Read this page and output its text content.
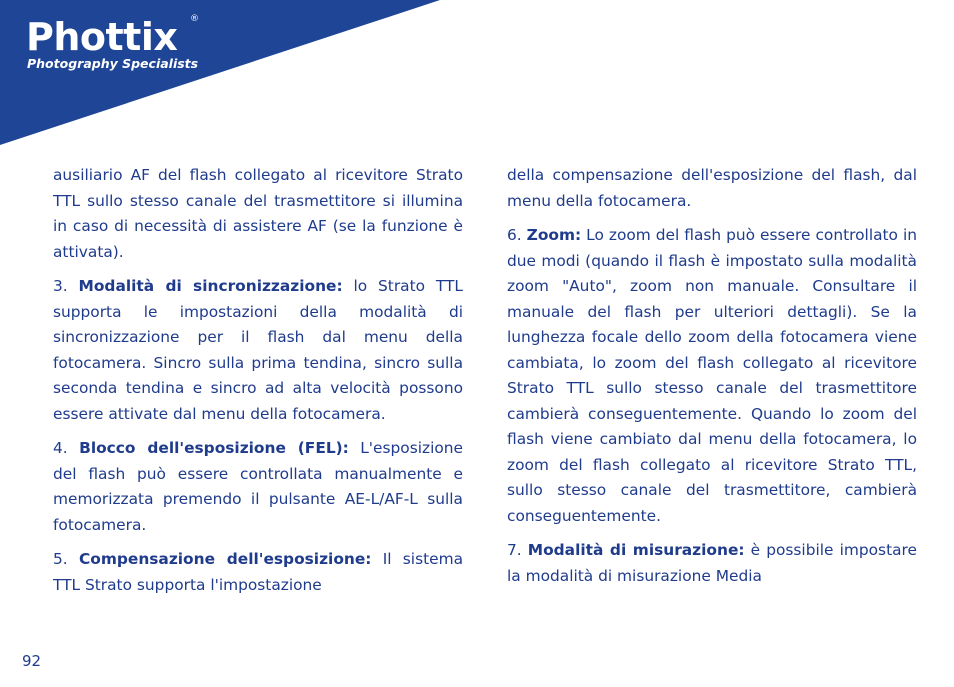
Phottix ®
Photography Specialists

ausiliario AF del flash collegato al ricevitore Strato TTL sullo stesso canale del trasmettitore si illumina in caso di necessità di assistere AF (se la funzione è attivata).

3. Modalità di sincronizzazione: lo Strato TTL supporta le impostazioni della modalità di sincronizzazione per il flash dal menu della fotocamera. Sincro sulla prima tendina, sincro sulla seconda tendina e sincro ad alta velocità possono essere attivate dal menu della fotocamera.

4. Blocco dell'esposizione (FEL): L'esposizione del flash può essere controllata manualmente e memorizzata premendo il pulsante AE-L/AF-L sulla fotocamera.

5. Compensazione dell'esposizione: Il sistema TTL Strato supporta l'impostazione

della compensazione dell'esposizione del flash, dal menu della fotocamera.

6. Zoom: Lo zoom del flash può essere controllato in due modi (quando il flash è impostato sulla modalità zoom "Auto", zoom non manuale. Consultare il manuale del flash per ulteriori dettagli). Se la lunghezza focale dello zoom della fotocamera viene cambiata, lo zoom del flash collegato al ricevitore Strato TTL sullo stesso canale del trasmettitore cambierà conseguentemente. Quando lo zoom del flash viene cambiato dal menu della fotocamera, lo zoom del flash collegato al ricevitore Strato TTL, sullo stesso canale del trasmettitore, cambierà conseguentemente.

7. Modalità di misurazione: è possibile impostare la modalità di misurazione Media

92
